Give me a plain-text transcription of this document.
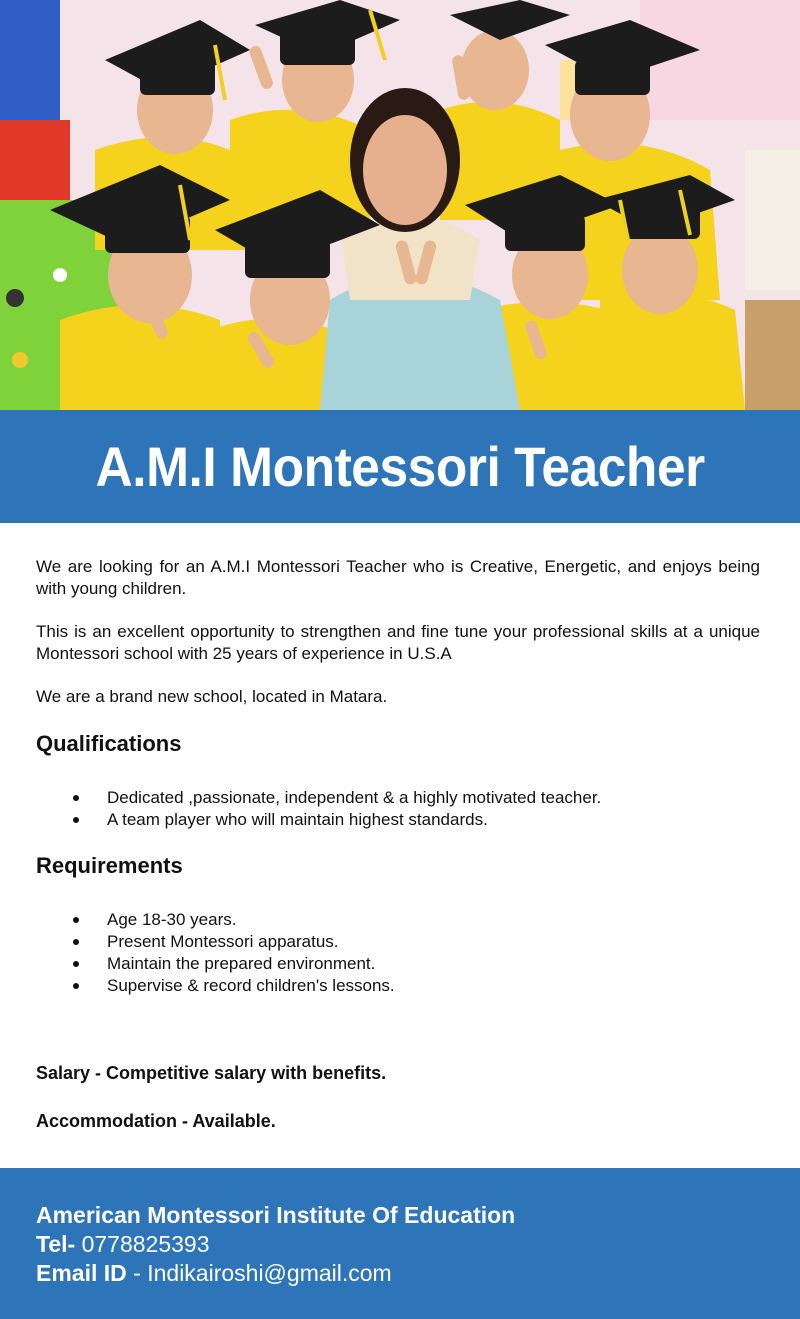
A.M.I Montessori Teacher

We are looking for an A.M.I Montessori Teacher who is Creative, Energetic, and enjoys being with young children.

This is an excellent opportunity to strengthen and fine tune your professional skills at a unique Montessori school with 25 years of experience in U.S.A

We are a brand new school, located in Matara.

Qualifications
Dedicated ,passionate, independent & a highly motivated teacher.
A team player who will maintain highest standards.
Requirements
Age 18-30 years.
Present Montessori apparatus.
Maintain the prepared environment.
Supervise & record children's lessons.
Salary - Competitive salary with benefits.
Accommodation - Available.
American Montessori Institute Of Education
Tel- 0778825393
Email ID - Indikairoshi@gmail.com
